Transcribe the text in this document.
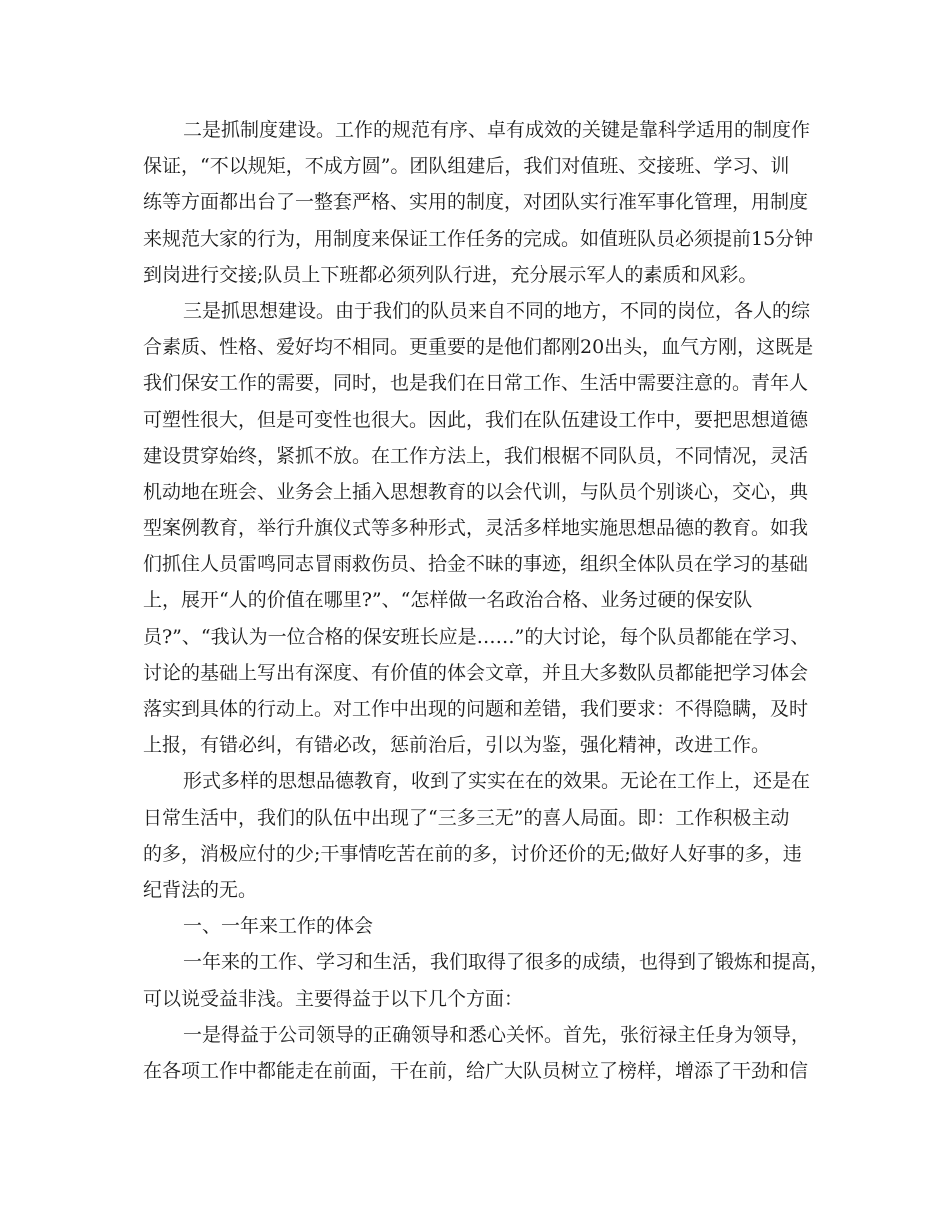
二是抓制度建设。工作的规范有序、卓有成效的关键是靠科学适用的制度作
保证，“不以规矩，不成方圆”。团队组建后，我们对值班、交接班、学习、训
练等方面都出台了一整套严格、实用的制度，对团队实行准军事化管理，用制度
来规范大家的行为，用制度来保证工作任务的完成。如值班队员必须提前15分钟
到岗进行交接;队员上下班都必须列队行进，充分展示军人的素质和风彩。
三是抓思想建设。由于我们的队员来自不同的地方，不同的岗位，各人的综
合素质、性格、爱好均不相同。更重要的是他们都刚20出头，血气方刚，这既是
我们保安工作的需要，同时，也是我们在日常工作、生活中需要注意的。青年人
可塑性很大，但是可变性也很大。因此，我们在队伍建设工作中，要把思想道德
建设贯穿始终，紧抓不放。在工作方法上，我们根椐不同队员，不同情况，灵活
机动地在班会、业务会上插入思想教育的以会代训，与队员个别谈心，交心，典
型案例教育，举行升旗仪式等多种形式，灵活多样地实施思想品德的教育。如我
们抓住人员雷鸣同志冒雨救伤员、拾金不昧的事迹，组织全体队员在学习的基础
上，展开“人的价值在哪里?”、“怎样做一名政治合格、业务过硬的保安队
员?”、“我认为一位合格的保安班长应是……”的大讨论，每个队员都能在学习、
讨论的基础上写出有深度、有价值的体会文章，并且大多数队员都能把学习体会
落实到具体的行动上。对工作中出现的问题和差错，我们要求：不得隐瞒，及时
上报，有错必纠，有错必改，惩前治后，引以为鉴，强化精神，改进工作。
形式多样的思想品德教育，收到了实实在在的效果。无论在工作上，还是在
日常生活中，我们的队伍中出现了“三多三无”的喜人局面。即：工作积极主动
的多，消极应付的少;干事情吃苦在前的多，讨价还价的无;做好人好事的多，违
纪背法的无。
一、一年来工作的体会
一年来的工作、学习和生活，我们取得了很多的成绩，也得到了锻炼和提高，
可以说受益非浅。主要得益于以下几个方面：
一是得益于公司领导的正确领导和悉心关怀。首先，张衍禄主任身为领导，
在各项工作中都能走在前面，干在前，给广大队员树立了榜样，增添了干劲和信
